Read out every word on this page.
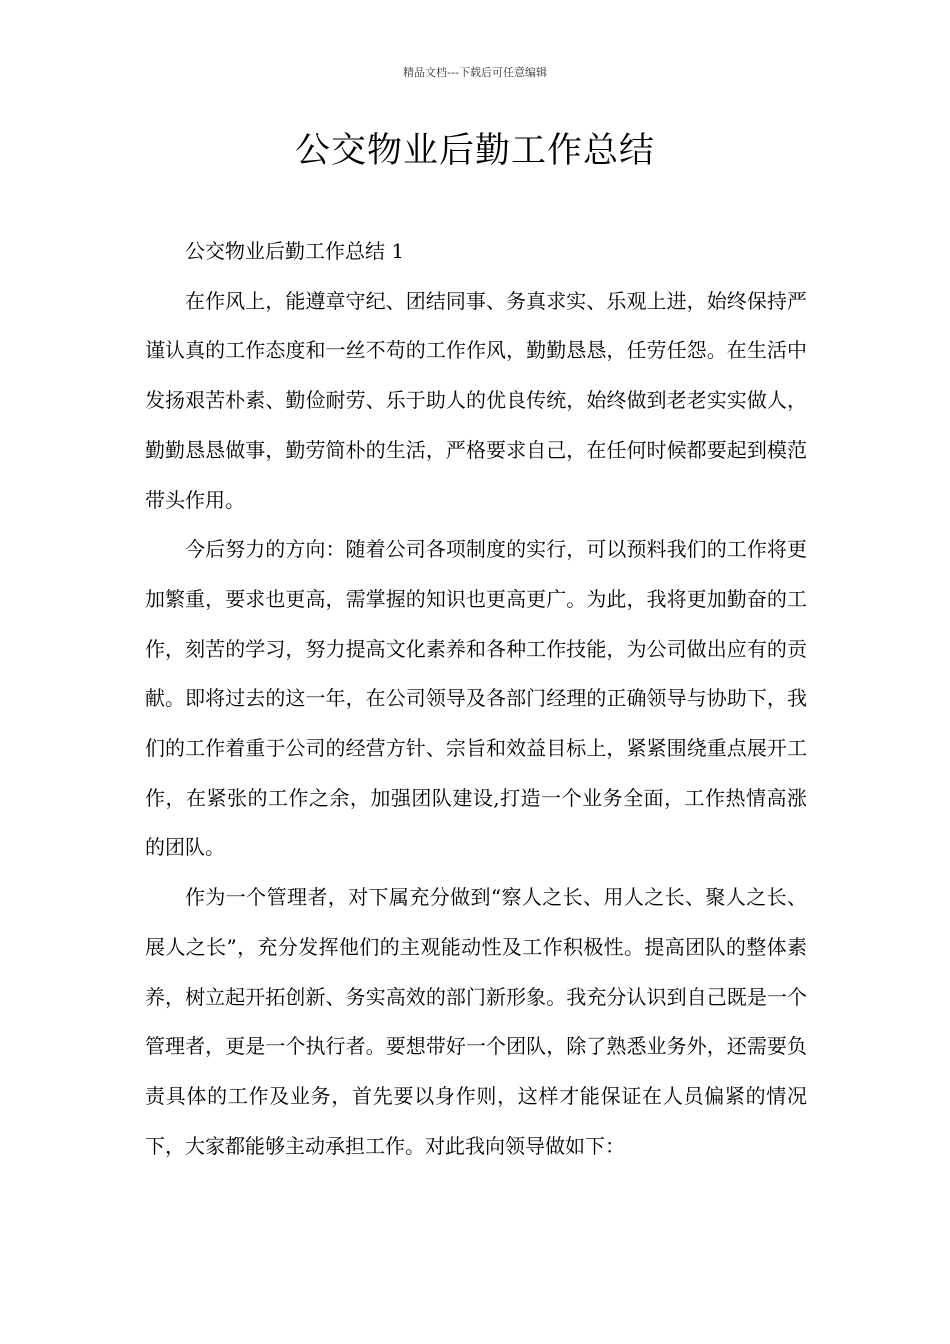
精品文档---下载后可任意编辑
公交物业后勤工作总结

公交物业后勤工作总结 1

在作风上，能遵章守纪、团结同事、务真求实、乐观上进，始终保持严谨认真的工作态度和一丝不苟的工作作风，勤勤恳恳，任劳任怨。在生活中发扬艰苦朴素、勤俭耐劳、乐于助人的优良传统，始终做到老老实实做人，勤勤恳恳做事，勤劳简朴的生活，严格要求自己，在任何时候都要起到模范带头作用。

今后努力的方向：随着公司各项制度的实行，可以预料我们的工作将更加繁重，要求也更高，需掌握的知识也更高更广。为此，我将更加勤奋的工作，刻苦的学习，努力提高文化素养和各种工作技能，为公司做出应有的贡献。即将过去的这一年，在公司领导及各部门经理的正确领导与协助下，我们的工作着重于公司的经营方针、宗旨和效益目标上，紧紧围绕重点展开工作，在紧张的工作之余，加强团队建设,打造一个业务全面，工作热情高涨的团队。

作为一个管理者，对下属充分做到“察人之长、用人之长、聚人之长、展人之长”，充分发挥他们的主观能动性及工作积极性。提高团队的整体素养，树立起开拓创新、务实高效的部门新形象。我充分认识到自己既是一个管理者，更是一个执行者。要想带好一个团队，除了熟悉业务外，还需要负责具体的工作及业务，首先要以身作则，这样才能保证在人员偏紧的情况下，大家都能够主动承担工作。对此我向领导做如下：
